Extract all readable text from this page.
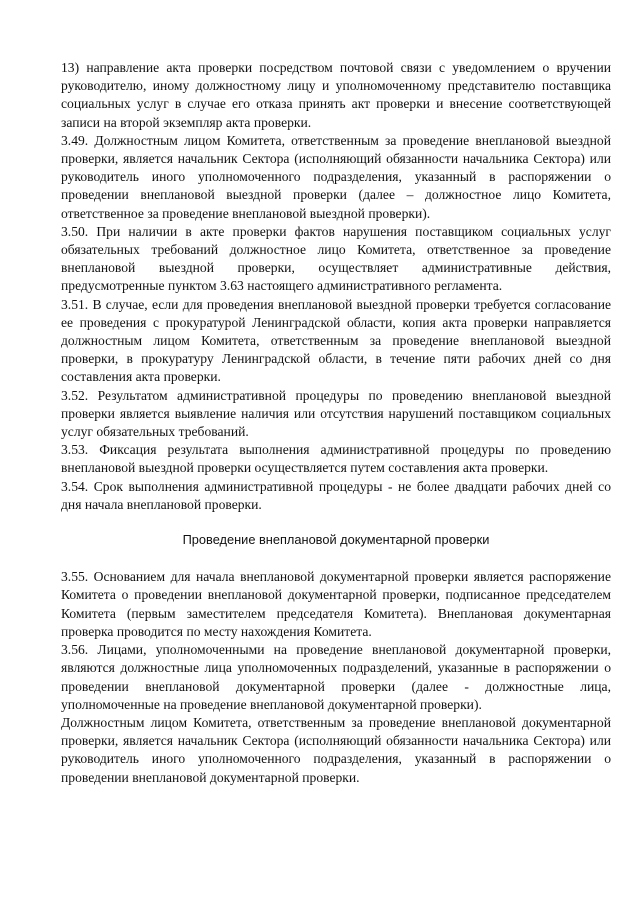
13) направление акта проверки посредством почтовой связи с уведомлением о вручении руководителю, иному должностному лицу и уполномоченному представителю поставщика социальных услуг в случае его отказа принять акт проверки и внесение соответствующей записи на второй экземпляр акта проверки.

3.49. Должностным лицом Комитета, ответственным за проведение внеплановой выездной проверки, является начальник Сектора (исполняющий обязанности начальника Сектора) или руководитель иного уполномоченного подразделения, указанный в распоряжении о проведении внеплановой выездной проверки (далее – должностное лицо Комитета, ответственное за проведение внеплановой выездной проверки).

3.50. При наличии в акте проверки фактов нарушения поставщиком социальных услуг обязательных требований должностное лицо Комитета, ответственное за проведение внеплановой выездной проверки, осуществляет административные действия, предусмотренные пунктом 3.63 настоящего административного регламента.

3.51. В случае, если для проведения внеплановой выездной проверки требуется согласование ее проведения с прокуратурой Ленинградской области, копия акта проверки направляется должностным лицом Комитета, ответственным за проведение внеплановой выездной проверки, в прокуратуру Ленинградской области, в течение пяти рабочих дней со дня составления акта проверки.

3.52. Результатом административной процедуры по проведению внеплановой выездной проверки является выявление наличия или отсутствия нарушений поставщиком социальных услуг обязательных требований.

3.53. Фиксация результата выполнения административной процедуры по проведению внеплановой выездной проверки осуществляется путем составления акта проверки.

3.54. Срок выполнения административной процедуры - не более двадцати рабочих дней со дня начала внеплановой проверки.

Проведение внеплановой документарной проверки

3.55. Основанием для начала внеплановой документарной проверки является распоряжение Комитета о проведении внеплановой документарной проверки, подписанное председателем Комитета (первым заместителем председателя Комитета). Внеплановая документарная проверка проводится по месту нахождения Комитета.

3.56. Лицами, уполномоченными на проведение внеплановой документарной проверки, являются должностные лица уполномоченных подразделений, указанные в распоряжении о проведении внеплановой документарной проверки (далее - должностные лица, уполномоченные на проведение внеплановой документарной проверки).

Должностным лицом Комитета, ответственным за проведение внеплановой документарной проверки, является начальник Сектора (исполняющий обязанности начальника Сектора) или руководитель иного уполномоченного подразделения, указанный в распоряжении о проведении внеплановой документарной проверки.
